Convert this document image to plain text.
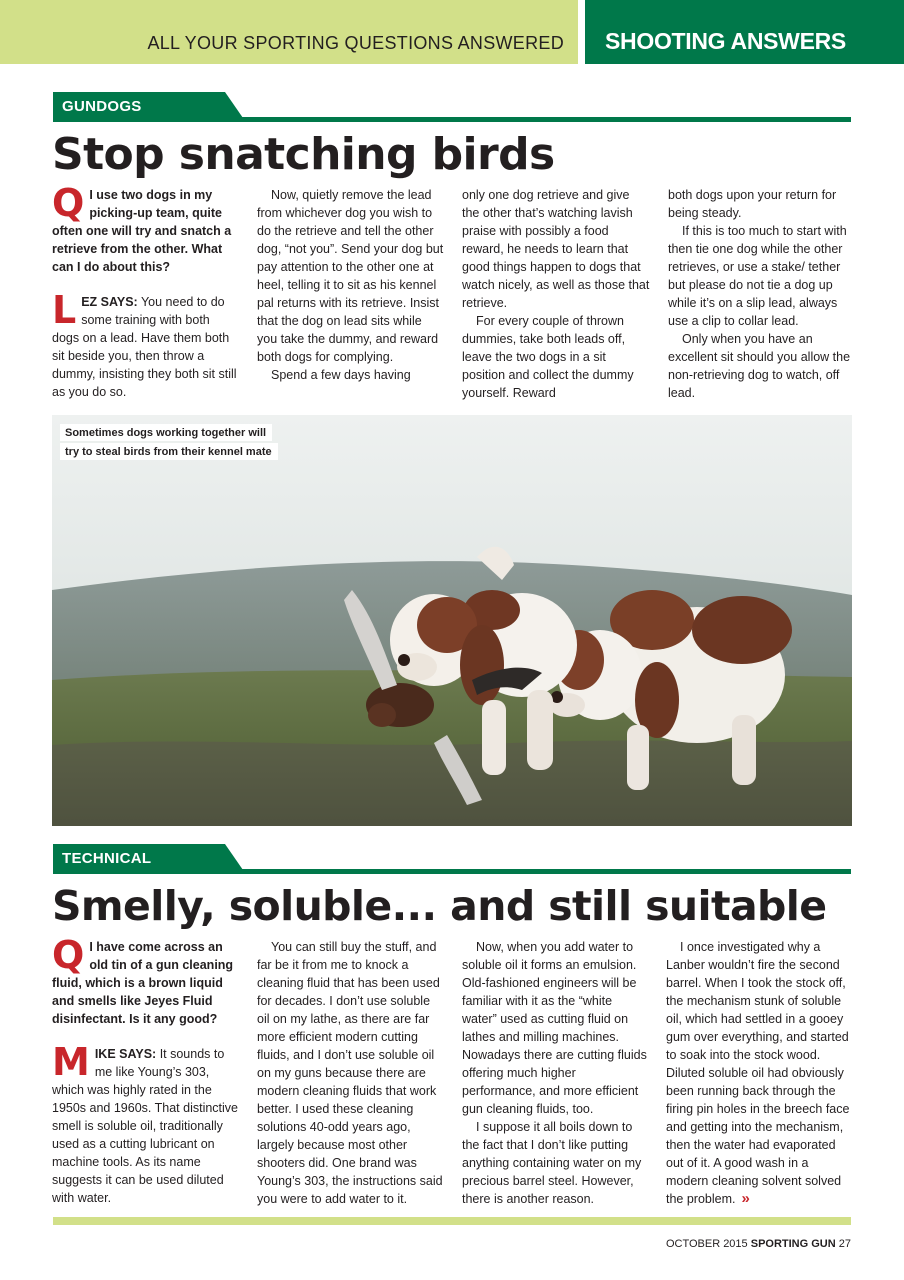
ALL YOUR SPORTING QUESTIONS ANSWERED SHOOTING ANSWERS
GUNDOGS
Stop snatching birds

Q I use two dogs in my picking-up team, quite often one will try and snatch a retrieve from the other. What can I do about this?

LEZ SAYS: You need to do some training with both dogs on a lead. Have them both sit beside you, then throw a dummy, insisting they both sit still as you do so.

Now, quietly remove the lead from whichever dog you wish to do the retrieve and tell the other dog, “not you”. Send your dog but pay attention to the other one at heel, telling it to sit as his kennel pal returns with its retrieve. Insist that the dog on lead sits while you take the dummy, and reward both dogs for complying.

Spend a few days having

only one dog retrieve and give the other that’s watching lavish praise with possibly a food reward, he needs to learn that good things happen to dogs that watch nicely, as well as those that retrieve.

For every couple of thrown dummies, take both leads off, leave the two dogs in a sit position and collect the dummy yourself. Reward

both dogs upon your return for being steady.

If this is too much to start with then tie one dog while the other retrieves, or use a stake/ tether but please do not tie a dog up while it’s on a slip lead, always use a clip to collar lead.

Only when you have an excellent sit should you allow the non-retrieving dog to watch, off lead.

Sometimes dogs working together will
try to steal birds from their kennel mate
TECHNICAL
Smelly, soluble... and still suitable

Q I have come across an old tin of a gun cleaning fluid, which is a brown liquid and smells like Jeyes Fluid disinfectant. Is it any good?

MIKE SAYS: It sounds to me like Young’s 303, which was highly rated in the 1950s and 1960s. That distinctive smell is soluble oil, traditionally used as a cutting lubricant on machine tools. As its name suggests it can be used diluted with water.

You can still buy the stuff, and far be it from me to knock a cleaning fluid that has been used for decades. I don’t use soluble oil on my lathe, as there are far more efficient modern cutting fluids, and I don’t use soluble oil on my guns because there are modern cleaning fluids that work better. I used these cleaning solutions 40-odd years ago, largely because most other shooters did. One brand was Young’s 303, the instructions said you were to add water to it.

Now, when you add water to soluble oil it forms an emulsion. Old-fashioned engineers will be familiar with it as the “white water” used as cutting fluid on lathes and milling machines. Nowadays there are cutting fluids offering much higher performance, and more efficient gun cleaning fluids, too.

I suppose it all boils down to the fact that I don’t like putting anything containing water on my precious barrel steel. However, there is another reason.

I once investigated why a Lanber wouldn’t fire the second barrel. When I took the stock off, the mechanism stunk of soluble oil, which had settled in a gooey gum over everything, and started to soak into the stock wood. Diluted soluble oil had obviously been running back through the firing pin holes in the breech face and getting into the mechanism, then the water had evaporated out of it. A good wash in a modern cleaning solvent solved the problem. »

OCTOBER 2015 SPORTING GUN 27
